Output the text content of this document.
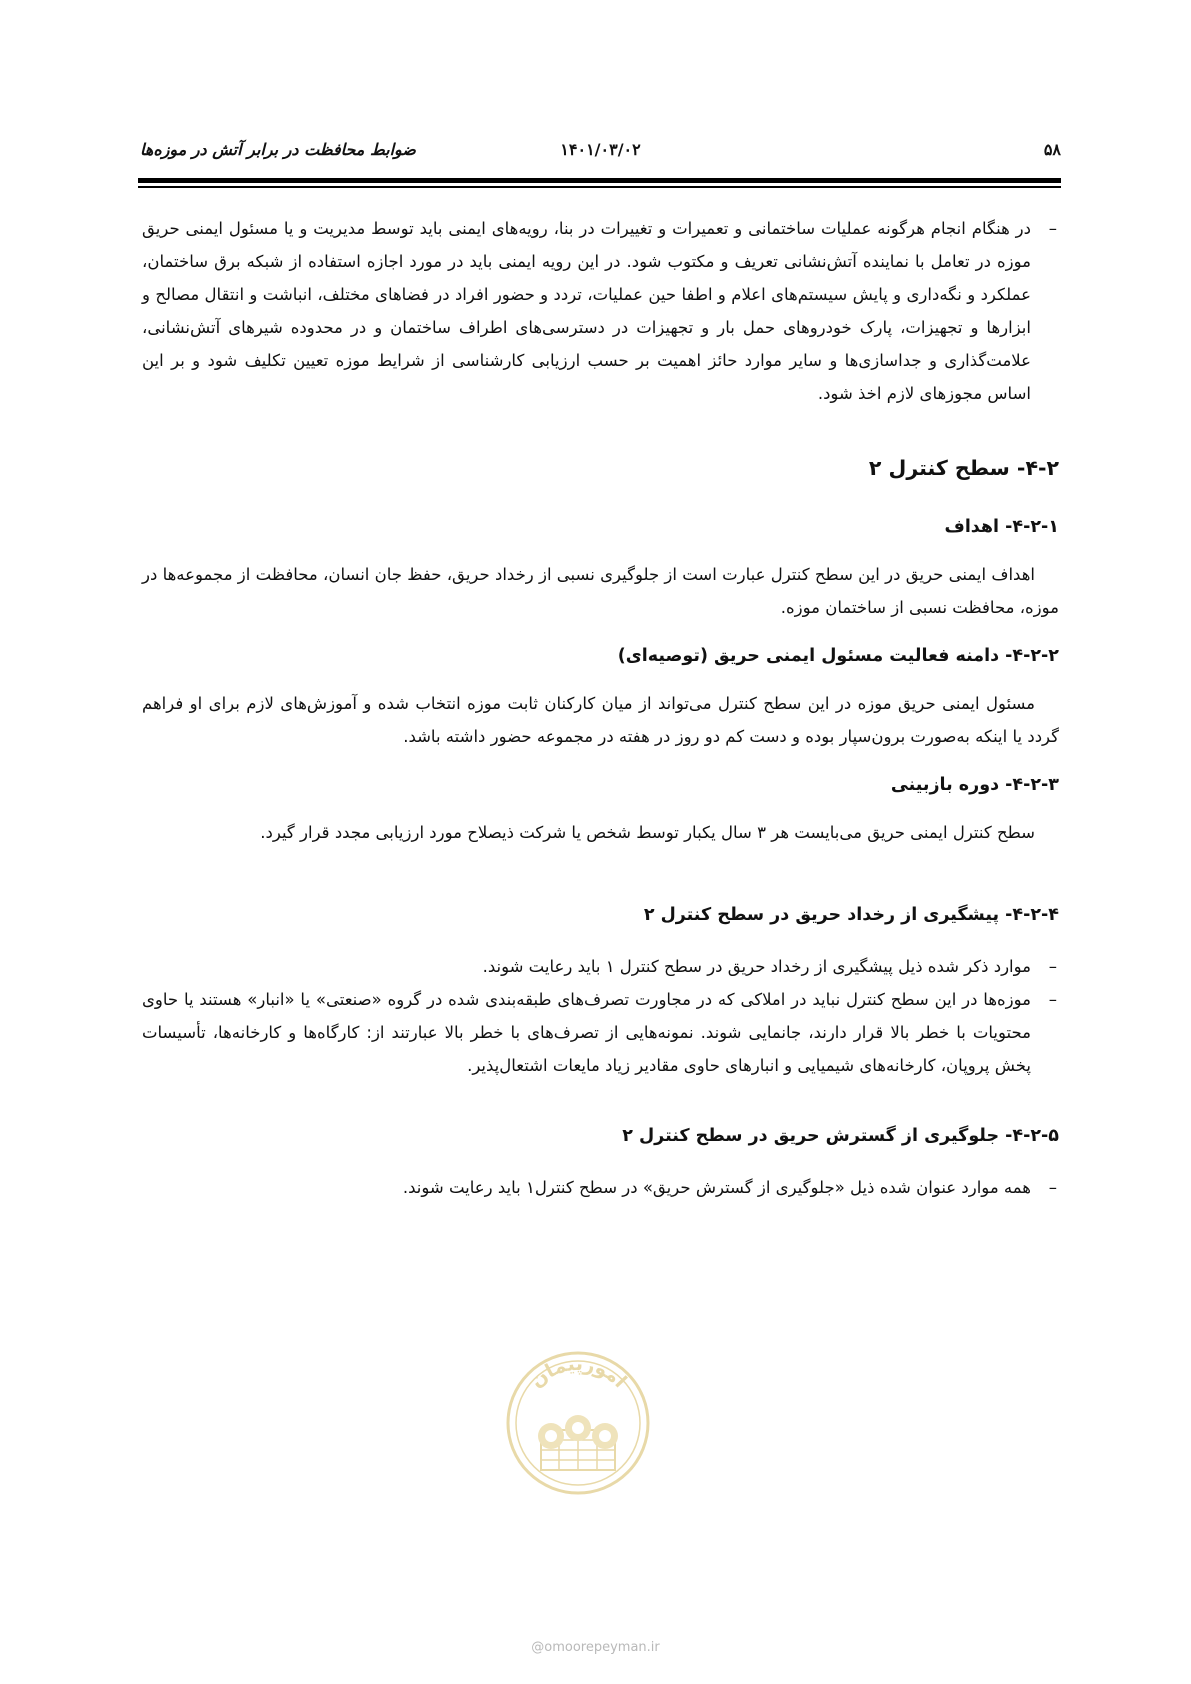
۵۸
۱۴۰۱/۰۳/۰۲
ضوابط محافظت در برابر آتش در موزه‌ها
– در هنگام انجام هرگونه عملیات ساختمانی و تعمیرات و تغییرات در بنا، رویه‌های ایمنی باید توسط مدیریت و یا مسئول ایمنی حریق موزه در تعامل با نماینده آتش‌نشانی تعریف و مکتوب شود. در این رویه ایمنی باید در مورد اجازه استفاده از شبکه برق ساختمان، عملکرد و نگه‌داری و پایش سیستم‌های اعلام و اطفا حین عملیات، تردد و حضور افراد در فضاهای مختلف، انباشت و انتقال مصالح و ابزارها و تجهیزات، پارک خودروهای حمل بار و تجهیزات در دسترسی‌های اطراف ساختمان و در محدوده شیرهای آتش‌نشانی، علامت‌گذاری و جداسازی‌ها و سایر موارد حائز اهمیت بر حسب ارزیابی کارشناسی از شرایط موزه تعیین تکلیف شود و بر این اساس مجوزهای لازم اخذ شود.
۴-۲- سطح کنترل ۲
۴-۲-۱- اهداف
اهداف ایمنی حریق در این سطح کنترل عبارت است از جلوگیری نسبی از رخداد حریق، حفظ جان انسان، محافظت از مجموعه‌ها در موزه، محافظت نسبی از ساختمان موزه.
۴-۲-۲- دامنه فعالیت مسئول ایمنی حریق (توصیه‌ای)
مسئول ایمنی حریق موزه در این سطح کنترل می‌تواند از میان کارکنان ثابت موزه انتخاب شده و آموزش‌های لازم برای او فراهم گردد یا اینکه به‌صورت برون‌سپار بوده و دست کم دو روز در هفته در مجموعه حضور داشته باشد.
۴-۲-۳- دوره بازبینی
سطح کنترل ایمنی حریق می‌بایست هر ۳ سال یکبار توسط شخص یا شرکت ذیصلاح مورد ارزیابی مجدد قرار گیرد.
۴-۲-۴- پیشگیری از رخداد حریق در سطح کنترل ۲
– موارد ذکر شده ذیل پیشگیری از رخداد حریق در سطح کنترل ۱ باید رعایت شوند.
– موزه‌ها در این سطح کنترل نباید در املاکی که در مجاورت تصرف‌های طبقه‌بندی شده در گروه «صنعتی» یا «انبار» هستند یا حاوی محتویات با خطر بالا قرار دارند، جانمایی شوند. نمونه‌هایی از تصرف‌های با خطر بالا عبارتند از: کارگاه‌ها و کارخانه‌ها، تأسیسات پخش پروپان، کارخانه‌های شیمیایی و انبارهای حاوی مقادیر زیاد مایعات اشتعال‌پذیر.
۴-۲-۵- جلوگیری از گسترش حریق در سطح کنترل ۲
– همه موارد عنوان شده ذیل «جلوگیری از گسترش حریق» در سطح کنترل۱ باید رعایت شوند.
امورپیمان
@omoorepeyman.ir
